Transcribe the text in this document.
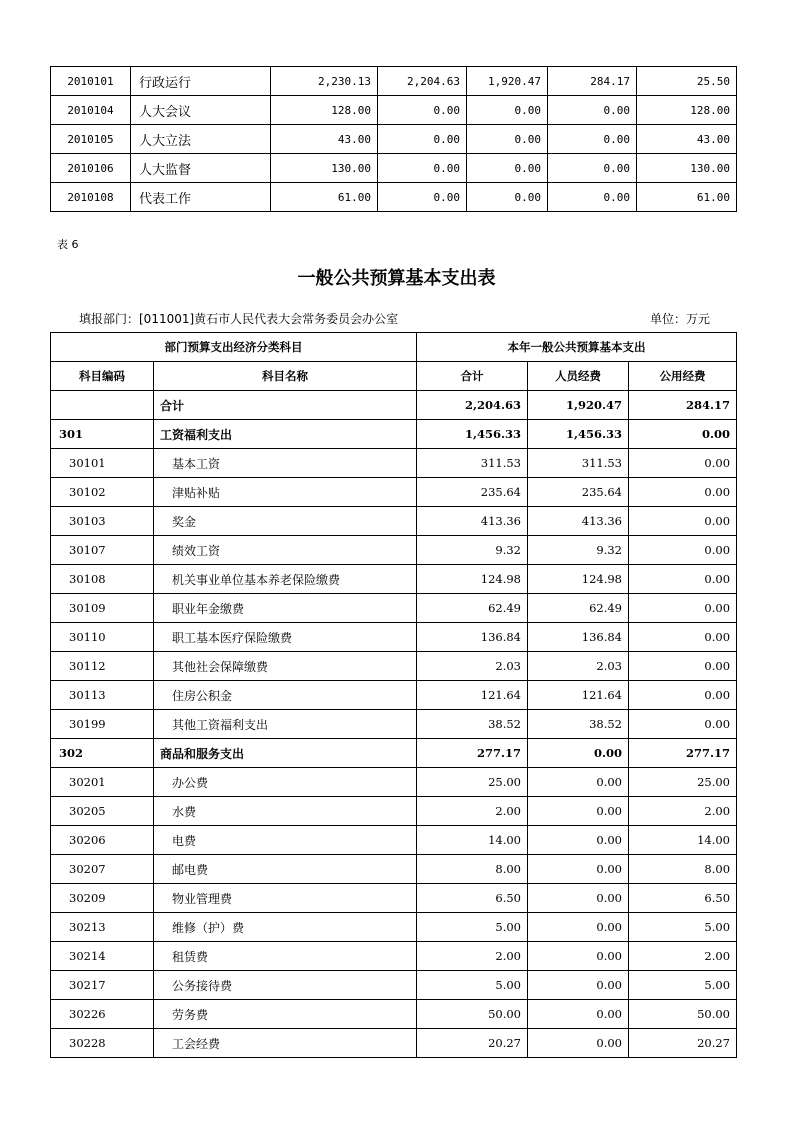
2010101	行政运行	2,230.13	2,204.63	1,920.47	284.17	25.50
2010104	人大会议	128.00	0.00	0.00	0.00	128.00
2010105	人大立法	43.00	0.00	0.00	0.00	43.00
2010106	人大监督	130.00	0.00	0.00	0.00	130.00
2010108	代表工作	61.00	0.00	0.00	0.00	61.00
表 6
一般公共预算基本支出表
填报部门：[011001]黄石市人民代表大会常务委员会办公室	单位：万元
部门预算支出经济分类科目		本年一般公共预算基本支出		
科目编码	科目名称	合计	人员经费	公用经费
	合计	2,204.63	1,920.47	284.17
301	工资福利支出	1,456.33	1,456.33	0.00
30101	基本工资	311.53	311.53	0.00
30102	津贴补贴	235.64	235.64	0.00
30103	奖金	413.36	413.36	0.00
30107	绩效工资	9.32	9.32	0.00
30108	机关事业单位基本养老保险缴费	124.98	124.98	0.00
30109	职业年金缴费	62.49	62.49	0.00
30110	职工基本医疗保险缴费	136.84	136.84	0.00
30112	其他社会保障缴费	2.03	2.03	0.00
30113	住房公积金	121.64	121.64	0.00
30199	其他工资福利支出	38.52	38.52	0.00
302	商品和服务支出	277.17	0.00	277.17
30201	办公费	25.00	0.00	25.00
30205	水费	2.00	0.00	2.00
30206	电费	14.00	0.00	14.00
30207	邮电费	8.00	0.00	8.00
30209	物业管理费	6.50	0.00	6.50
30213	维修（护）费	5.00	0.00	5.00
30214	租赁费	2.00	0.00	2.00
30217	公务接待费	5.00	0.00	5.00
30226	劳务费	50.00	0.00	50.00
30228	工会经费	20.27	0.00	20.27
